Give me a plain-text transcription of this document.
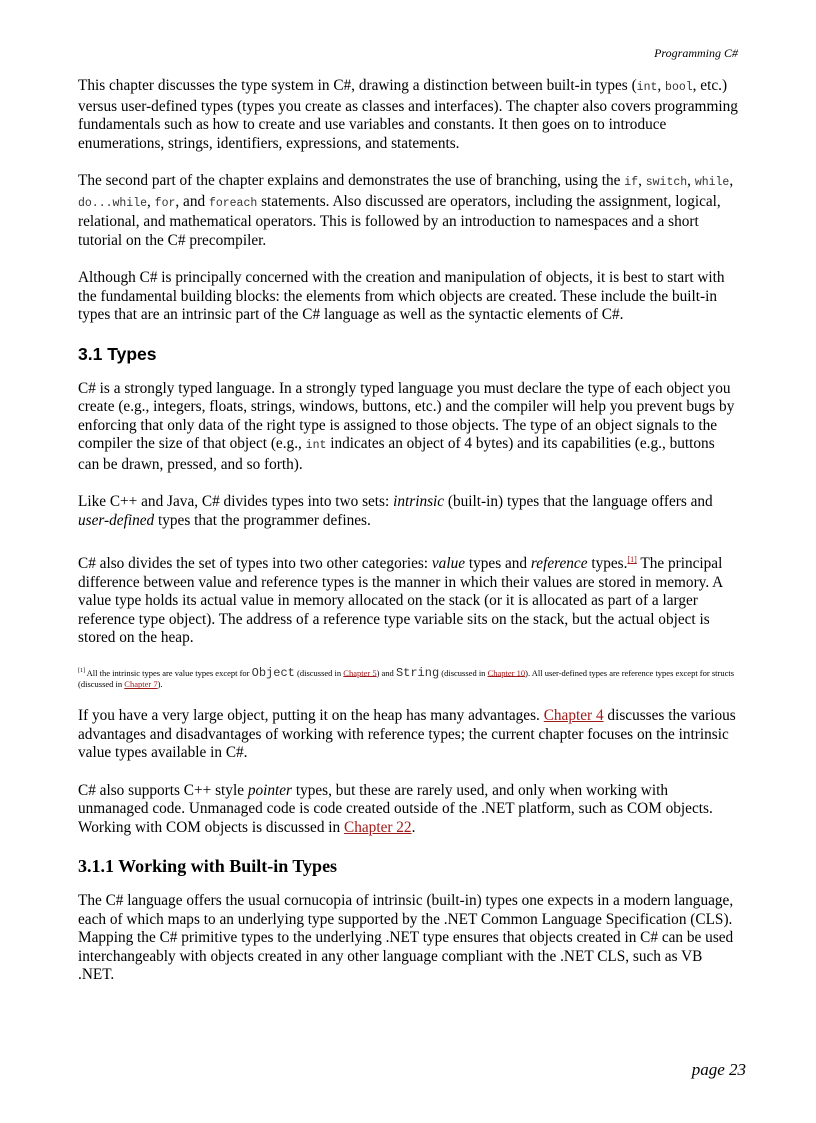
Programming C#

This chapter discusses the type system in C#, drawing a distinction between built-in types (int, bool, etc.) versus user-defined types (types you create as classes and interfaces). The chapter also covers programming fundamentals such as how to create and use variables and constants. It then goes on to introduce enumerations, strings, identifiers, expressions, and statements.

The second part of the chapter explains and demonstrates the use of branching, using the if, switch, while, do...while, for, and foreach statements. Also discussed are operators, including the assignment, logical, relational, and mathematical operators. This is followed by an introduction to namespaces and a short tutorial on the C# precompiler.

Although C# is principally concerned with the creation and manipulation of objects, it is best to start with the fundamental building blocks: the elements from which objects are created. These include the built-in types that are an intrinsic part of the C# language as well as the syntactic elements of C#.

3.1 Types

C# is a strongly typed language. In a strongly typed language you must declare the type of each object you create (e.g., integers, floats, strings, windows, buttons, etc.) and the compiler will help you prevent bugs by enforcing that only data of the right type is assigned to those objects. The type of an object signals to the compiler the size of that object (e.g., int indicates an object of 4 bytes) and its capabilities (e.g., buttons can be drawn, pressed, and so forth).

Like C++ and Java, C# divides types into two sets: intrinsic (built-in) types that the language offers and user-defined types that the programmer defines.

C# also divides the set of types into two other categories: value types and reference types.[1] The principal difference between value and reference types is the manner in which their values are stored in memory. A value type holds its actual value in memory allocated on the stack (or it is allocated as part of a larger reference type object). The address of a reference type variable sits on the stack, but the actual object is stored on the heap.

[1] All the intrinsic types are value types except for Object (discussed in Chapter 5) and String (discussed in Chapter 10). All user-defined types are reference types except for structs (discussed in Chapter 7).

If you have a very large object, putting it on the heap has many advantages. Chapter 4 discusses the various advantages and disadvantages of working with reference types; the current chapter focuses on the intrinsic value types available in C#.

C# also supports C++ style pointer types, but these are rarely used, and only when working with unmanaged code. Unmanaged code is code created outside of the .NET platform, such as COM objects. Working with COM objects is discussed in Chapter 22.

3.1.1 Working with Built-in Types

The C# language offers the usual cornucopia of intrinsic (built-in) types one expects in a modern language, each of which maps to an underlying type supported by the .NET Common Language Specification (CLS). Mapping the C# primitive types to the underlying .NET type ensures that objects created in C# can be used interchangeably with objects created in any other language compliant with the .NET CLS, such as VB .NET.

page 23
